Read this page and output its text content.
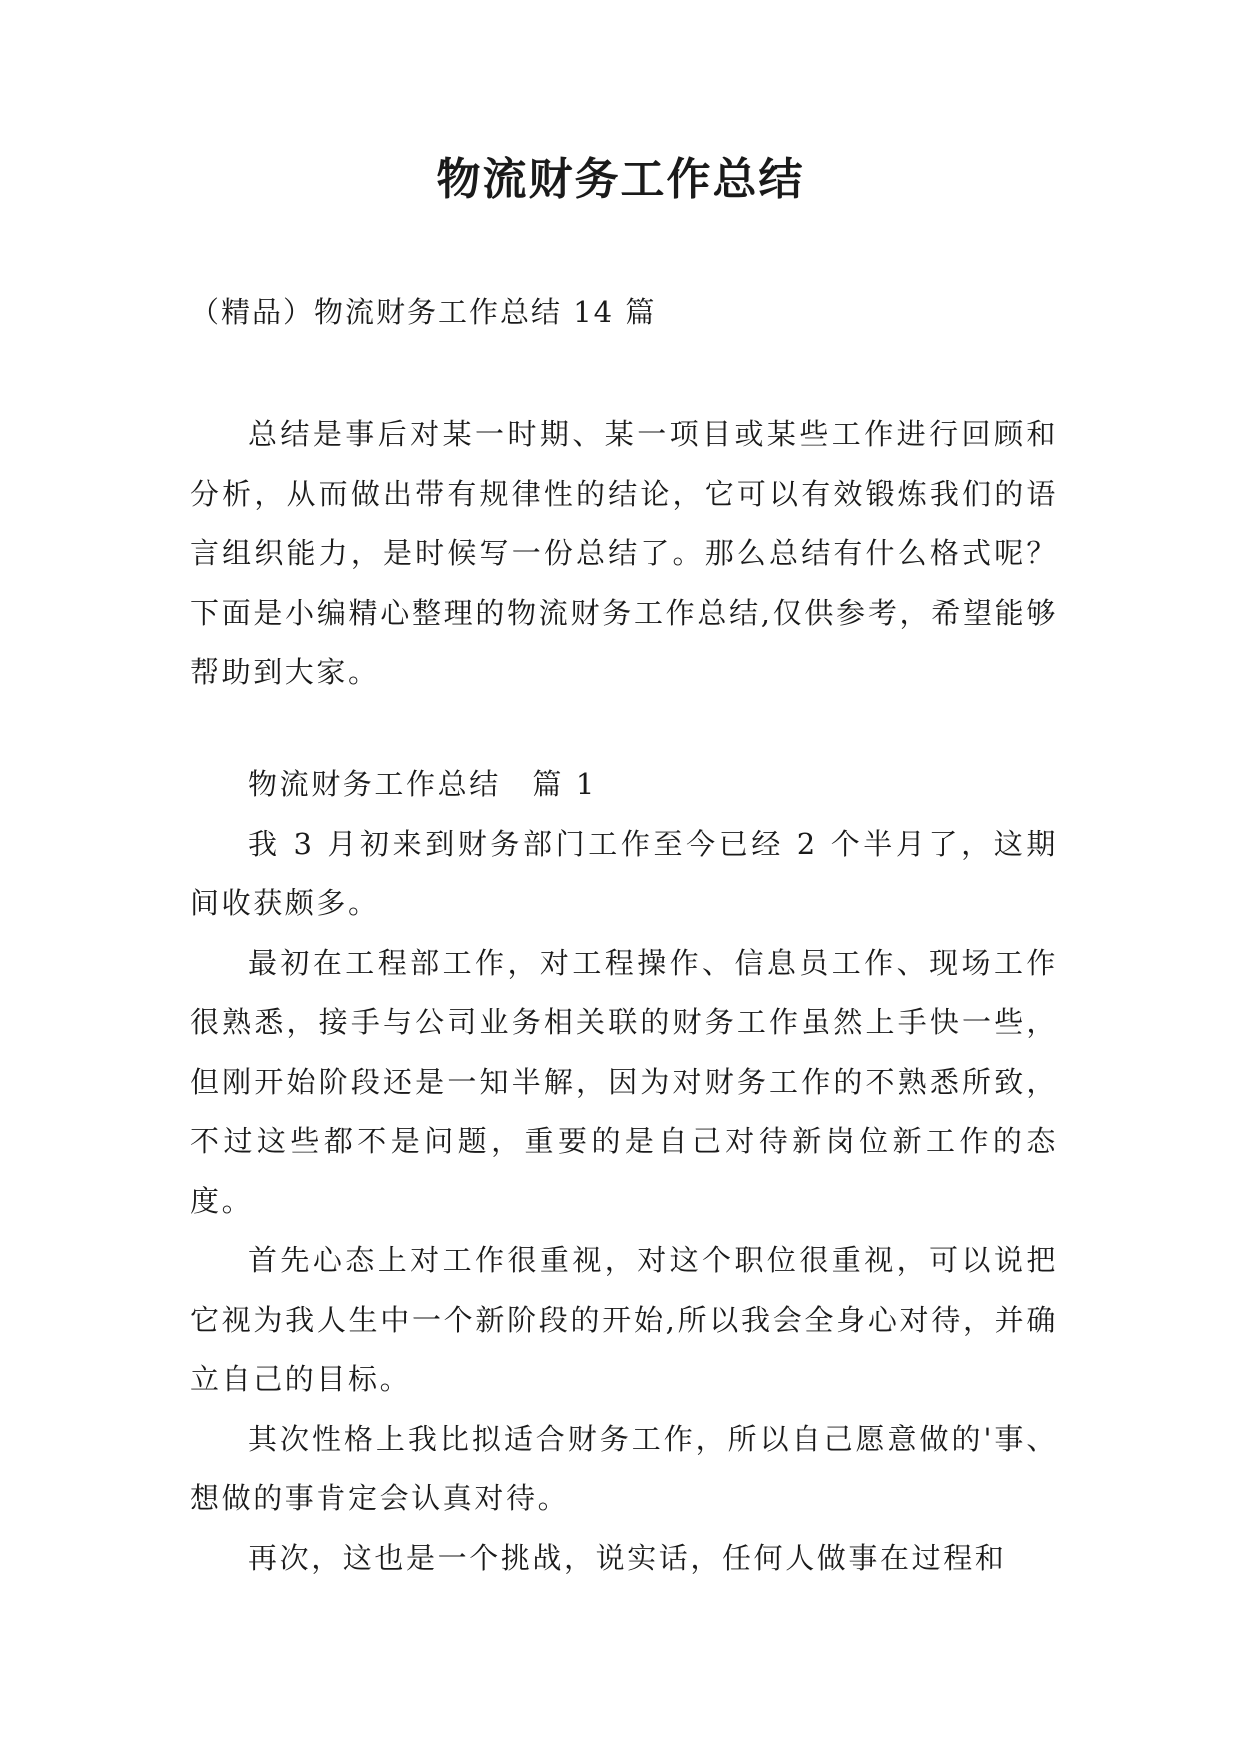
物流财务工作总结
（精品）物流财务工作总结 14 篇

总结是事后对某一时期、某一项目或某些工作进行回顾和分析，从而做出带有规律性的结论，它可以有效锻炼我们的语言组织能力，是时候写一份总结了。那么总结有什么格式呢？下面是小编精心整理的物流财务工作总结,仅供参考，希望能够帮助到大家。

物流财务工作总结　篇 1

我 3 月初来到财务部门工作至今已经 2 个半月了，这期间收获颇多。

最初在工程部工作，对工程操作、信息员工作、现场工作很熟悉，接手与公司业务相关联的财务工作虽然上手快一些，但刚开始阶段还是一知半解，因为对财务工作的不熟悉所致，不过这些都不是问题，重要的是自己对待新岗位新工作的态度。

首先心态上对工作很重视，对这个职位很重视，可以说把它视为我人生中一个新阶段的开始,所以我会全身心对待，并确立自己的目标。

其次性格上我比拟适合财务工作，所以自己愿意做的'事、想做的事肯定会认真对待。

再次，这也是一个挑战，说实话，任何人做事在过程和
